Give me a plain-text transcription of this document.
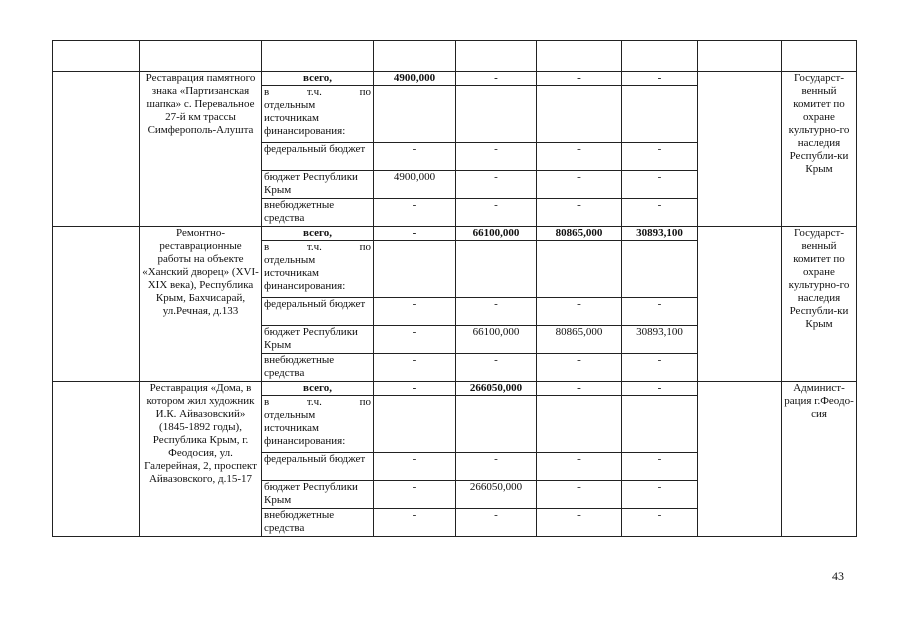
	Реставрация памятного знака «Партизанская шапка» с. Перевальное 27-й км трассы Симферополь-Алушта	всего,	4900,000	-	-	-		Государст-венный комитет по охране культурно-го наследия Республи-ки Крым

		в т.ч. по
отдельным источникам финансирования:						

		федеральный бюджет	-	-	-	-		
		бюджет Республики Крым	4900,000	-	-	-		
		внебюджетные средства	-	-	-	-		
	Ремонтно-реставрационные работы на объекте «Ханский дворец» (XVI-XIX века), Республика Крым, Бахчисарай, ул.Речная, д.133	всего,	-	66100,000	80865,000	30893,100		Государст-венный комитет по охране культурно-го наследия Республи-ки Крым

		в т.ч. по
отдельным источникам финансирования:						

		федеральный бюджет	-	-	-	-		
		бюджет Республики Крым	-	66100,000	80865,000	30893,100		
		внебюджетные средства	-	-	-	-		
	Реставрация «Дома, в котором жил художник И.К. Айвазовский» (1845-1892 годы), Республика Крым, г. Феодосия, ул. Галерейная, 2, проспект Айвазовского, д.15-17	всего,	-	266050,000	-	-		Админист-рация г.Феодо-сия

		в т.ч. по
отдельным источникам финансирования:						

		федеральный бюджет	-	-	-	-		
		бюджет Республики Крым	-	266050,000	-	-		
		внебюджетные средства	-	-	-	-		
43
